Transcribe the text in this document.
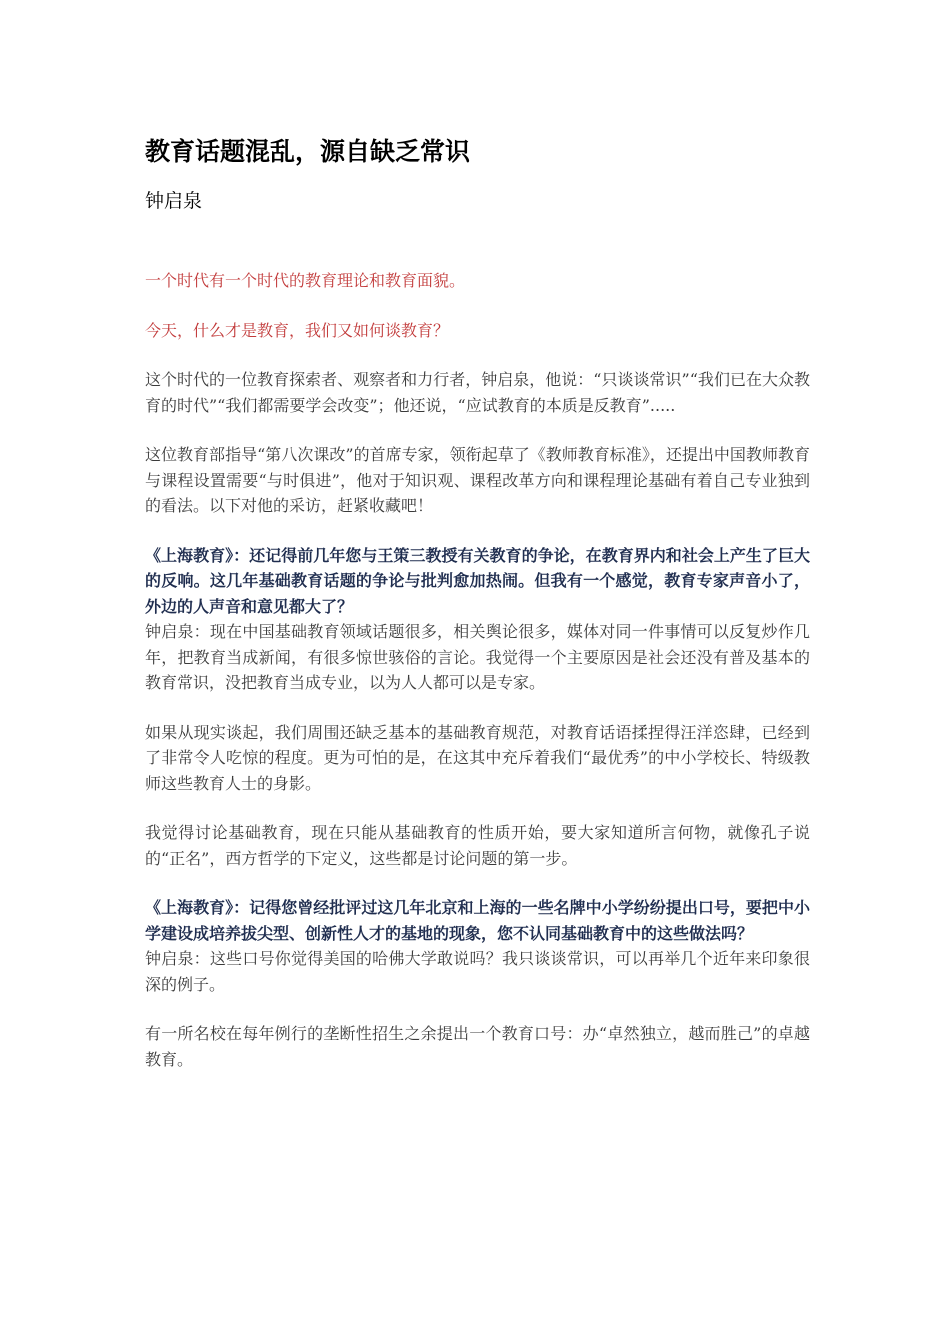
教育话题混乱，源自缺乏常识
钟启泉

一个时代有一个时代的教育理论和教育面貌。

今天，什么才是教育，我们又如何谈教育？

这个时代的一位教育探索者、观察者和力行者，钟启泉，他说：“只谈谈常识”“我们已在大众教育的时代”“我们都需要学会改变”；他还说，“应试教育的本质是反教育”.....

这位教育部指导“第八次课改”的首席专家，领衔起草了《教师教育标准》，还提出中国教师教育与课程设置需要“与时俱进”，他对于知识观、课程改革方向和课程理论基础有着自己专业独到的看法。以下对他的采访，赶紧收藏吧！

《上海教育》：还记得前几年您与王策三教授有关教育的争论，在教育界内和社会上产生了巨大的反响。这几年基础教育话题的争论与批判愈加热闹。但我有一个感觉，教育专家声音小了，外边的人声音和意见都大了？

钟启泉：现在中国基础教育领域话题很多，相关舆论很多，媒体对同一件事情可以反复炒作几年，把教育当成新闻，有很多惊世骇俗的言论。我觉得一个主要原因是社会还没有普及基本的教育常识，没把教育当成专业，以为人人都可以是专家。

如果从现实谈起，我们周围还缺乏基本的基础教育规范，对教育话语揉捏得汪洋恣肆，已经到了非常令人吃惊的程度。更为可怕的是，在这其中充斥着我们“最优秀”的中小学校长、特级教师这些教育人士的身影。

我觉得讨论基础教育，现在只能从基础教育的性质开始，要大家知道所言何物，就像孔子说的“正名”，西方哲学的下定义，这些都是讨论问题的第一步。

《上海教育》：记得您曾经批评过这几年北京和上海的一些名牌中小学纷纷提出口号，要把中小学建设成培养拔尖型、创新性人才的基地的现象，您不认同基础教育中的这些做法吗？

钟启泉：这些口号你觉得美国的哈佛大学敢说吗？我只谈谈常识，可以再举几个近年来印象很深的例子。

有一所名校在每年例行的垄断性招生之余提出一个教育口号：办“卓然独立，越而胜己”的卓越教育。
